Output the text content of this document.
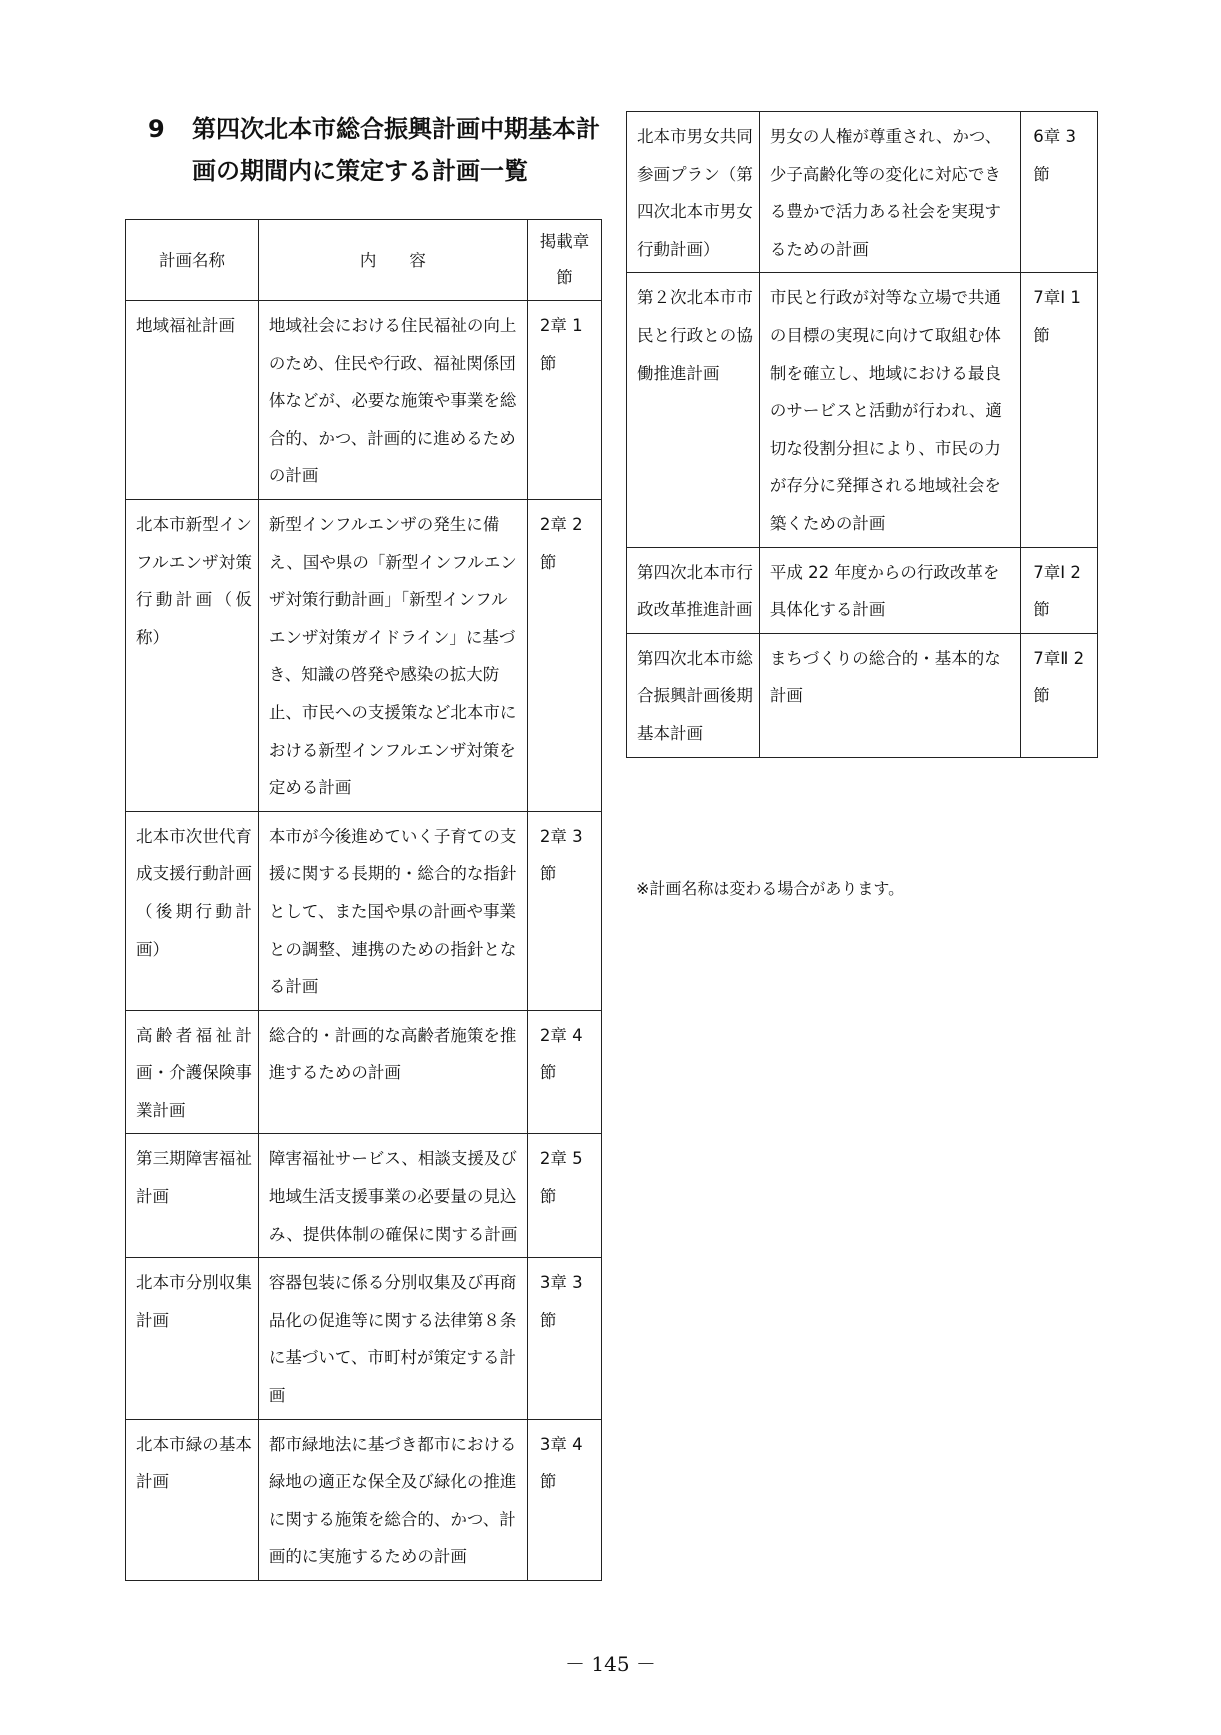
9 第四次北本市総合振興計画中期基本計
画の期間内に策定する計画一覧
計画名称	内　　容	掲載章節
地域福祉計画	地域社会における住民福祉の向上のため、住民や行政、福祉関係団体などが、必要な施策や事業を総合的、かつ、計画的に進めるための計画	2章 1節
北本市新型インフルエンザ対策行動計画（仮称）	新型インフルエンザの発生に備え、国や県の「新型インフルエンザ対策行動計画」「新型インフルエンザ対策ガイドライン」に基づき、知識の啓発や感染の拡大防止、市民への支援策など北本市における新型インフルエンザ対策を定める計画	2章 2節
北本市次世代育成支援行動計画（後期行動計画）	本市が今後進めていく子育ての支援に関する長期的・総合的な指針として、また国や県の計画や事業との調整、連携のための指針となる計画	2章 3節
高齢者福祉計画・介護保険事業計画	総合的・計画的な高齢者施策を推進するための計画	2章 4節
第三期障害福祉計画	障害福祉サービス、相談支援及び地域生活支援事業の必要量の見込み、提供体制の確保に関する計画	2章 5節
北本市分別収集計画	容器包装に係る分別収集及び再商品化の促進等に関する法律第８条に基づいて、市町村が策定する計画	3章 3節
北本市緑の基本計画	都市緑地法に基づき都市における緑地の適正な保全及び緑化の推進に関する施策を総合的、かつ、計画的に実施するための計画	3章 4節
北本市男女共同参画プラン（第四次北本市男女行動計画）	男女の人権が尊重され、かつ、少子高齢化等の変化に対応できる豊かで活力ある社会を実現するための計画	6章 3節
第２次北本市市民と行政との協働推進計画	市民と行政が対等な立場で共通の目標の実現に向けて取組む体制を確立し、地域における最良のサービスと活動が行われ、適切な役割分担により、市民の力が存分に発揮される地域社会を築くための計画	7章Ⅰ 1節
第四次北本市行政改革推進計画	平成 22 年度からの行政改革を具体化する計画	7章Ⅰ 2節
第四次北本市総合振興計画後期基本計画	まちづくりの総合的・基本的な計画	7章Ⅱ 2節
※計画名称は変わる場合があります。
－ 145 －
